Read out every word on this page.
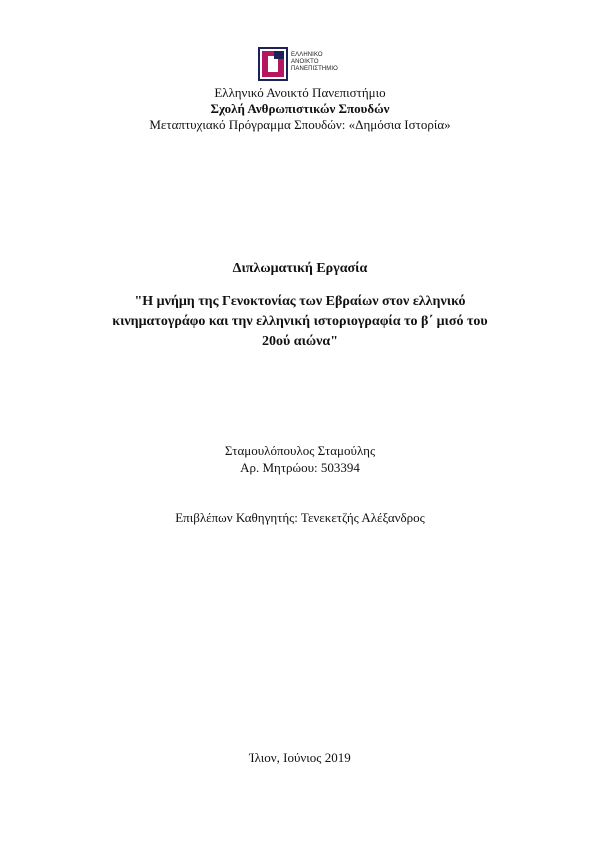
ΕΛΛΗΝΙΚΟ
ΑΝΟΙΚΤΟ
ΠΑΝΕΠΙΣΤΗΜΙΟ
Ελληνικό Ανοικτό Πανεπιστήμιο
Σχολή Ανθρωπιστικών Σπουδών
Μεταπτυχιακό Πρόγραμμα Σπουδών: «Δημόσια Ιστορία»
Διπλωματική Εργασία
"Η μνήμη της Γενοκτονίας των Εβραίων στον ελληνικό
κινηματογράφο και την ελληνική ιστοριογραφία το β΄ μισό του
20ού αιώνα"
Σταμουλόπουλος Σταμούλης
Αρ. Μητρώου: 503394
Επιβλέπων Καθηγητής: Τενεκετζής Αλέξανδρος
Ίλιον, Ιούνιος 2019
